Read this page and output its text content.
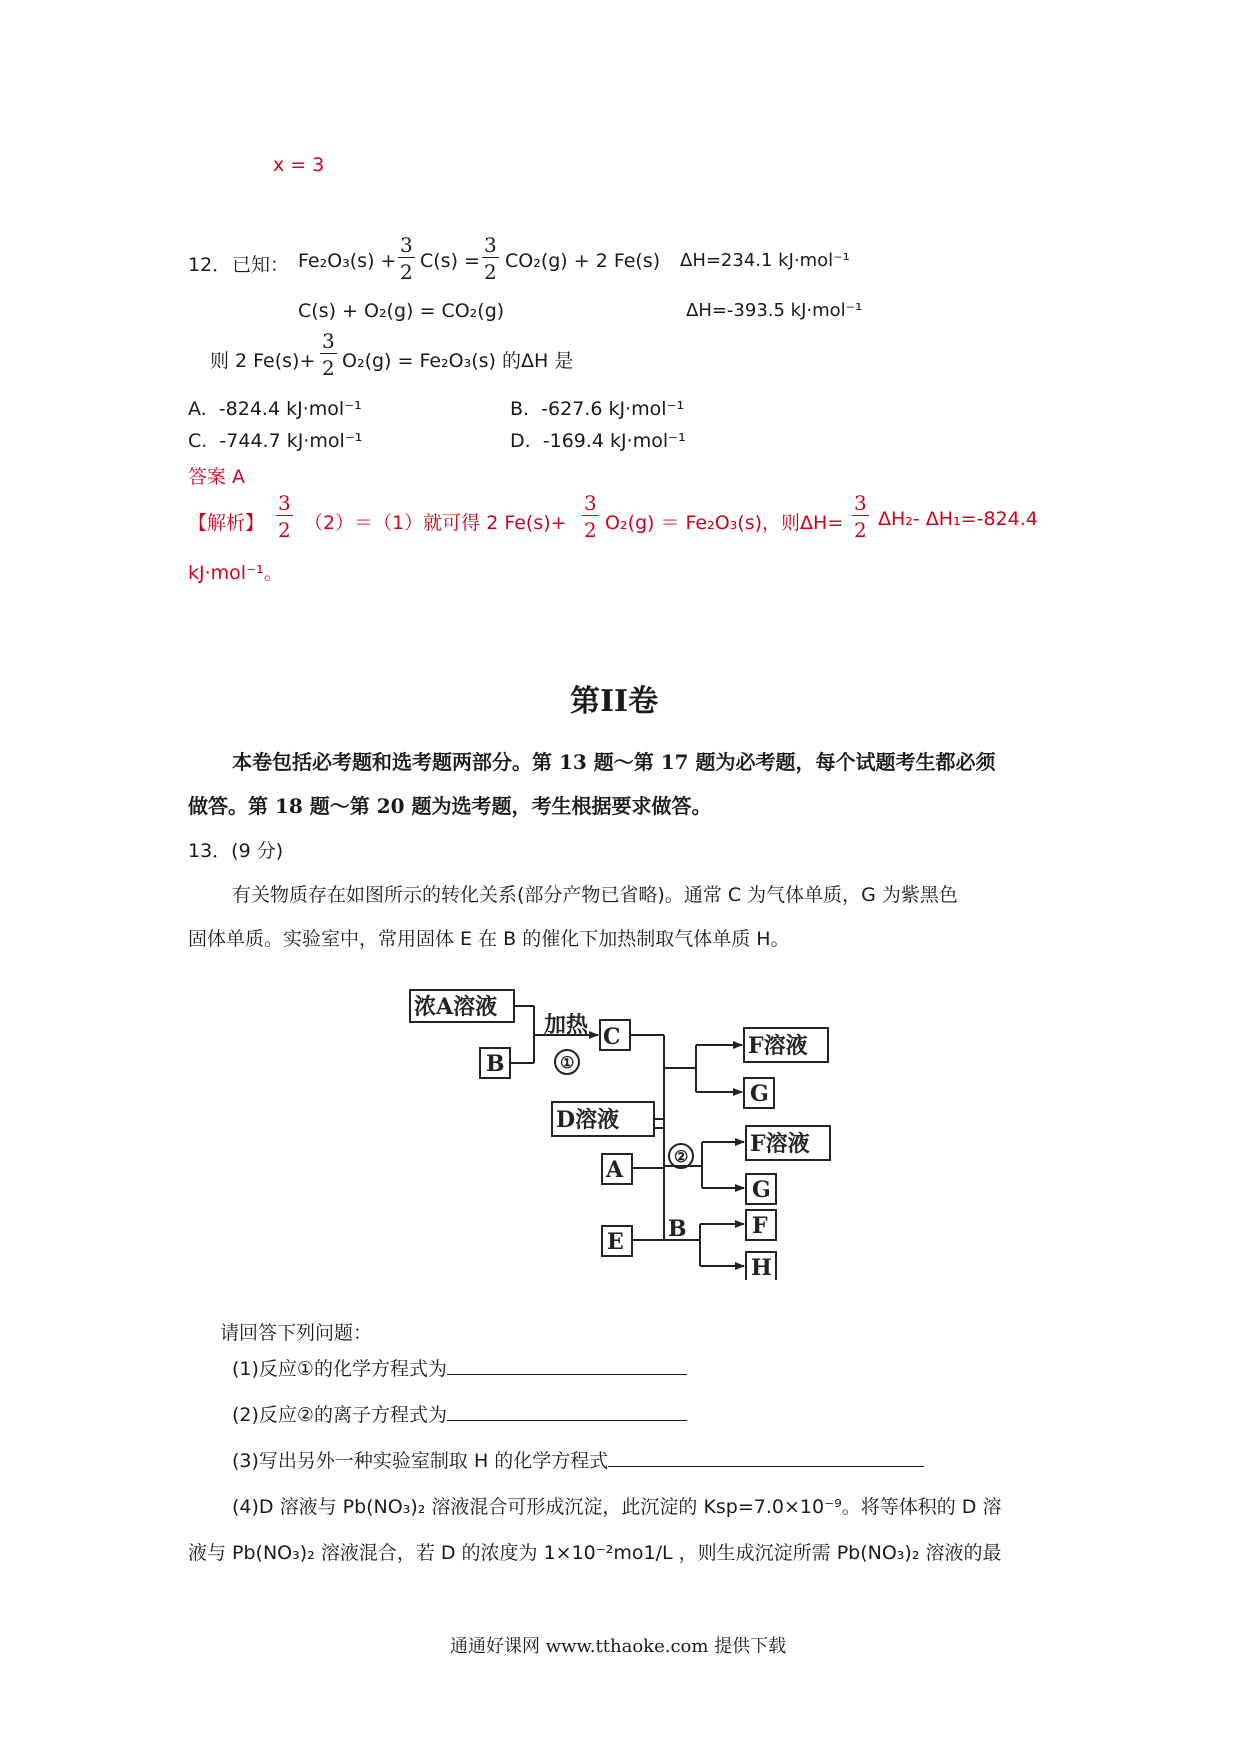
x = 3
12． 已知： $Fe_2O_3(s) + \frac{3}{2} C(s) = \frac{3}{2} CO_2(g) + 2$ Fe(s) ΔH=234.1 kJ·mol⁻¹
C(s) + O₂(g) = CO₂(g)	ΔH=-393.5 kJ·mol⁻¹
则 2 $Fe(s)+ \frac{3}{2} O_2(g) = Fe_2O_3(s)$ 的ΔH 是
A. -824.4 kJ·mol⁻¹	B. -627.6 kJ·mol⁻¹
C. -744.7 kJ·mol⁻¹	D. -169.4 kJ·mol⁻¹
答案 A
【解析】 $\frac{3}{2} (2)=(1)$就可得 2 $Fe(s)+ \frac{3}{2} O_2(g) = Fe_2O_3(s)$，则$\Delta H= \frac{3}{2} \Delta H_2-$ ΔH₁=-824.4
kJ·mol⁻¹。
第II卷
本卷包括必考题和选考题两部分。第 13 题～第 17 题为必考题，每个试题考生都必须
做答。第 18 题～第 20 题为选考题，考生根据要求做答。
13．(9 分)
有关物质存在如图所示的转化关系(部分产物已省略)。通常 C 为气体单质，G 为紫黑色
固体单质。实验室中，常用固体 E 在 B 的催化下加热制取气体单质 H。
浓A溶液
B
加热 C	F溶液
G
D溶液
A
F溶液
G
E B	F
H
①
②
请回答下列问题：
(1)反应①的化学方程式为
(2)反应②的离子方程式为
(3)写出另外一种实验室制取 H 的化学方程式
(4)D 溶液与 Pb(NO₃)₂ 溶液混合可形成沉淀，此沉淀的 Ksp=7.0×10⁻⁹。将等体积的 D 溶
液与 Pb(NO₃)₂ 溶液混合，若 D 的浓度为 1×10⁻²mo1/L ，则生成沉淀所需 Pb(NO₃)₂ 溶液的最
通通好课网 www.tthaoke.com 提供下载
